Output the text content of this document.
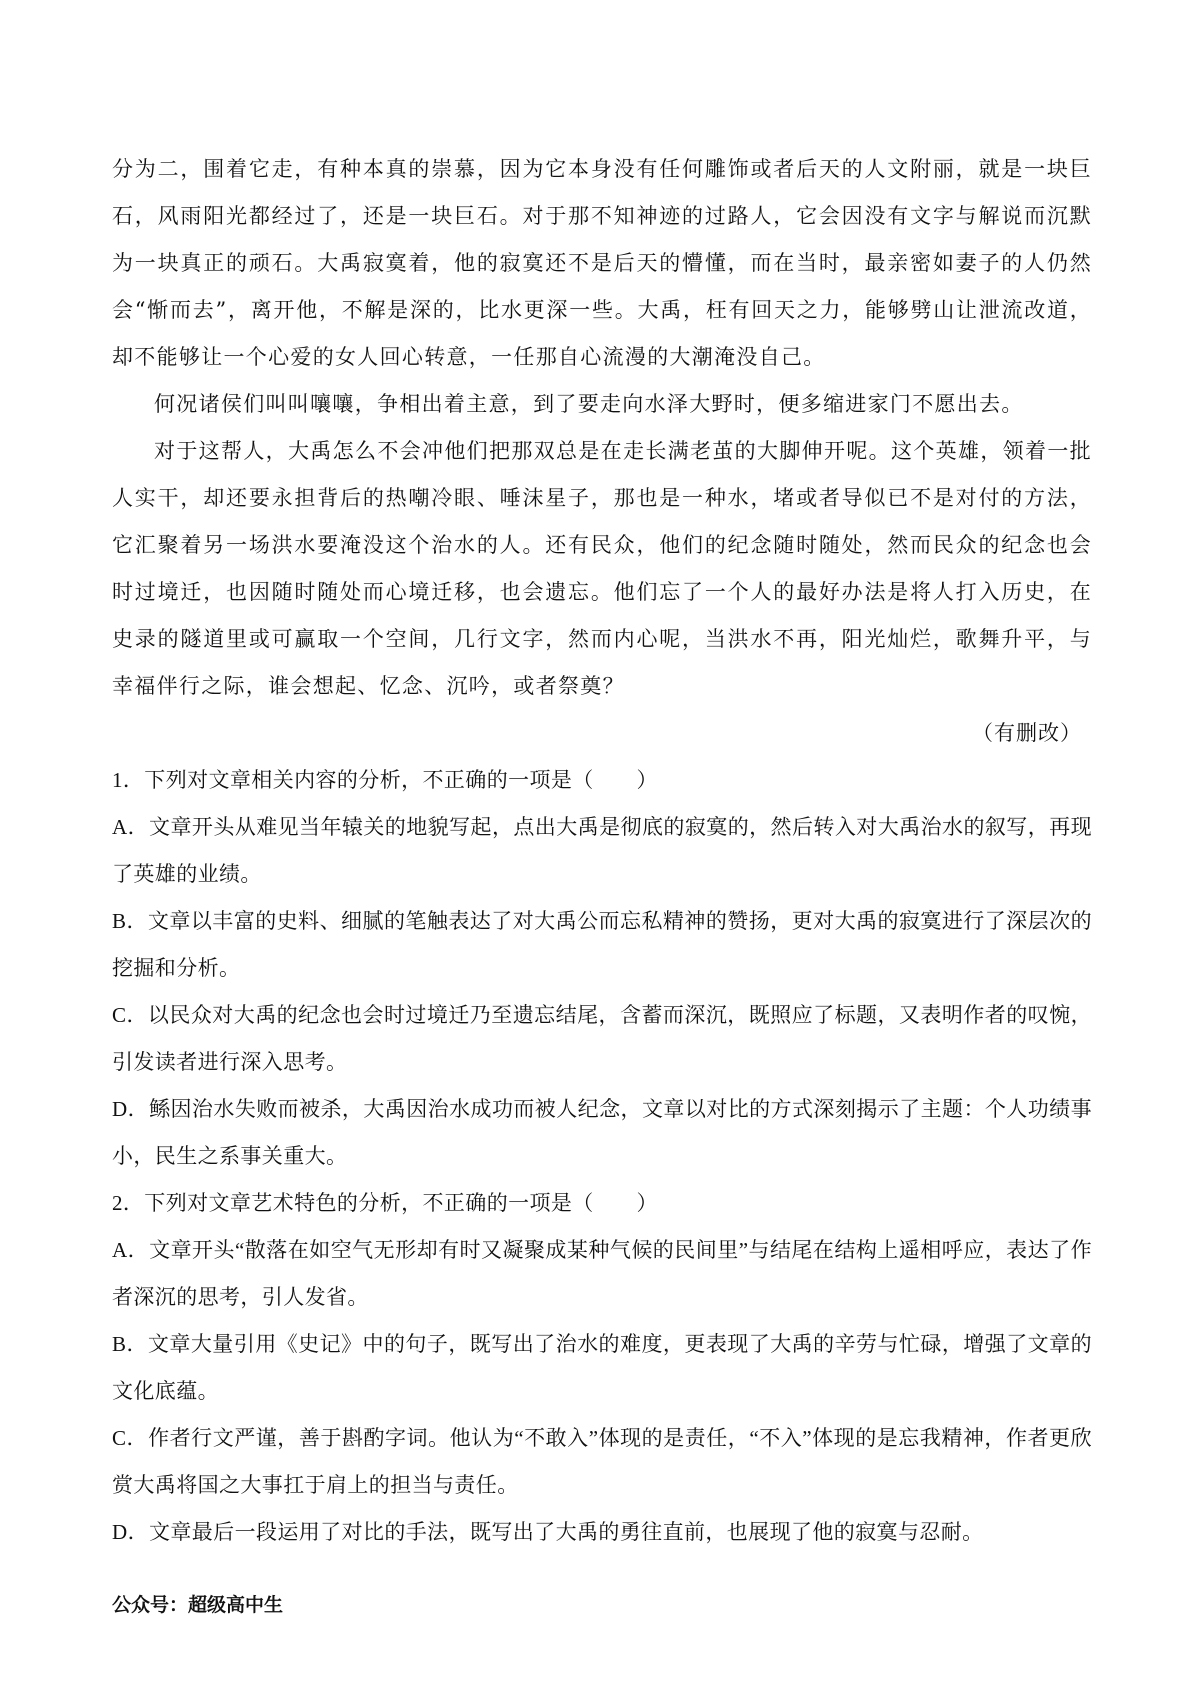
分为二，围着它走，有种本真的崇慕，因为它本身没有任何雕饰或者后天的人文附丽，就是一块巨石，风雨阳光都经过了，还是一块巨石。对于那不知神迹的过路人，它会因没有文字与解说而沉默为一块真正的顽石。大禹寂寞着，他的寂寞还不是后天的懵懂，而在当时，最亲密如妻子的人仍然会“惭而去”，离开他，不解是深的，比水更深一些。大禹，枉有回天之力，能够劈山让泄流改道，却不能够让一个心爱的女人回心转意，一任那自心流漫的大潮淹没自己。

何况诸侯们叫叫嚷嚷，争相出着主意，到了要走向水泽大野时，便多缩进家门不愿出去。

对于这帮人，大禹怎么不会冲他们把那双总是在走长满老茧的大脚伸开呢。这个英雄，领着一批人实干，却还要永担背后的热嘲冷眼、唾沫星子，那也是一种水，堵或者导似已不是对付的方法，它汇聚着另一场洪水要淹没这个治水的人。还有民众，他们的纪念随时随处，然而民众的纪念也会时过境迁，也因随时随处而心境迁移，也会遗忘。他们忘了一个人的最好办法是将人打入历史，在史录的隧道里或可赢取一个空间，几行文字，然而内心呢，当洪水不再，阳光灿烂，歌舞升平，与幸福伴行之际，谁会想起、忆念、沉吟，或者祭奠？

（有删改）

1．下列对文章相关内容的分析，不正确的一项是（　　）

A．文章开头从难见当年辕关的地貌写起，点出大禹是彻底的寂寞的，然后转入对大禹治水的叙写，再现了英雄的业绩。

B．文章以丰富的史料、细腻的笔触表达了对大禹公而忘私精神的赞扬，更对大禹的寂寞进行了深层次的挖掘和分析。

C．以民众对大禹的纪念也会时过境迁乃至遗忘结尾，含蓄而深沉，既照应了标题，又表明作者的叹惋，引发读者进行深入思考。

D．鲧因治水失败而被杀，大禹因治水成功而被人纪念，文章以对比的方式深刻揭示了主题：个人功绩事小，民生之系事关重大。

2．下列对文章艺术特色的分析，不正确的一项是（　　）

A．文章开头“散落在如空气无形却有时又凝聚成某种气候的民间里”与结尾在结构上遥相呼应，表达了作者深沉的思考，引人发省。

B．文章大量引用《史记》中的句子，既写出了治水的难度，更表现了大禹的辛劳与忙碌，增强了文章的文化底蕴。

C．作者行文严谨，善于斟酌字词。他认为“不敢入”体现的是责任，“不入”体现的是忘我精神，作者更欣赏大禹将国之大事扛于肩上的担当与责任。

D．文章最后一段运用了对比的手法，既写出了大禹的勇往直前，也展现了他的寂寞与忍耐。

公众号：超级高中生
